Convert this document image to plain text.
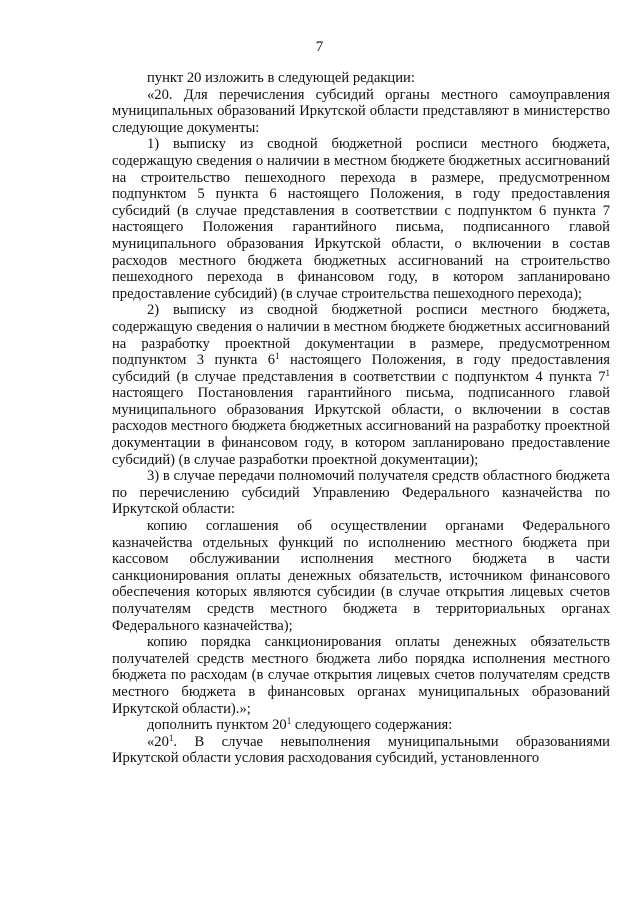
7

пункт 20 изложить в следующей редакции:

«20. Для перечисления субсидий органы местного самоуправления муниципальных образований Иркутской области представляют в министерство следующие документы:

1) выписку из сводной бюджетной росписи местного бюджета, содержащую сведения о наличии в местном бюджете бюджетных ассигнований на строительство пешеходного перехода в размере, предусмотренном подпунктом 5 пункта 6 настоящего Положения, в году предоставления субсидий (в случае представления в соответствии с подпунктом 6 пункта 7 настоящего Положения гарантийного письма, подписанного главой муниципального образования Иркутской области, о включении в состав расходов местного бюджета бюджетных ассигнований на строительство пешеходного перехода в финансовом году, в котором запланировано предоставление субсидий) (в случае строительства пешеходного перехода);

2) выписку из сводной бюджетной росписи местного бюджета, содержащую сведения о наличии в местном бюджете бюджетных ассигнований на разработку проектной документации в размере, предусмотренном подпунктом 3 пункта $6^1$ настоящего Положения, в году предоставления субсидий (в случае представления в соответствии с подпунктом 4 пункта $7^1$ настоящего Постановления гарантийного письма, подписанного главой муниципального образования Иркутской области, о включении в состав расходов местного бюджета бюджетных ассигнований на разработку проектной документации в финансовом году, в котором запланировано предоставление субсидий) (в случае разработки проектной документации);

3) в случае передачи полномочий получателя средств областного бюджета по перечислению субсидий Управлению Федерального казначейства по Иркутской области:

копию соглашения об осуществлении органами Федерального казначейства отдельных функций по исполнению местного бюджета при кассовом обслуживании исполнения местного бюджета в части санкционирования оплаты денежных обязательств, источником финансового обеспечения которых являются субсидии (в случае открытия лицевых счетов получателям средств местного бюджета в территориальных органах Федерального казначейства);

копию порядка санкционирования оплаты денежных обязательств получателей средств местного бюджета либо порядка исполнения местного бюджета по расходам (в случае открытия лицевых счетов получателям средств местного бюджета в финансовых органах муниципальных образований Иркутской области).»;

дополнить пунктом $20^1$ следующего содержания:

«$20^1$. В случае невыполнения муниципальными образованиями Иркутской области условия расходования субсидий, установленного
